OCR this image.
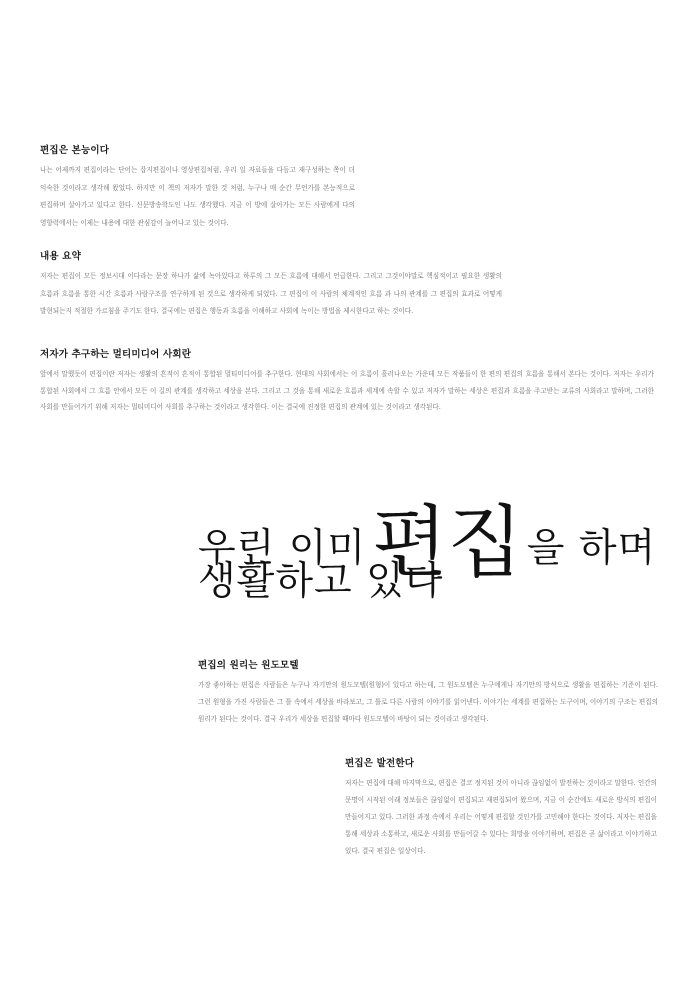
편집은 본능이다

나는 어제까지 편집이라는 단어는 잡지편집이나 영상편집처럼, 우리 일 자료들을 다듬고 재구성하는 쪽이 더 익숙한 것이라고 생각해 왔었다. 하지만 이 책의 저자가 말한 것 처럼, 누구나 매 순간 무언가를 본능적으로 편집하며 살아가고 있다고 한다. 신문방송학도인 나도 생각했다. 지금 이 방에 살아가는 모든 사람에게 다의 영향력에서는 이제는 내용에 대한 관심감이 늘어나고 있는 것이다.

내용 요약

저자는 편집이 모든 정보시대 이다라는 문장 하나가 삶에 녹아있다고 하루의 그 모든 흐름에 대해서 언급한다. 그리고 그것이야말로 핵심적이고 필요한 생활의 흐름과 흐름을 통한 시간 흐름과 사람구조를 연구하게 된 것으로 생각하게 되었다. 그 편집이 이 사람의 체계적인 흐름 과 나의 관계를 그 편집의 효과로 어떻게 발현되는지 적절한 가르침을 주기도 한다. 결국에는 편집은 행동과 흐름을 이해하고 사회에 녹이는 방법을 제시한다고 하는 것이다.

저자가 추구하는 멀티미디어 사회란

앞에서 말했듯이 편집이란 저자는 생활의 흔적이 흔적이 통합된 멀티미디어를 추구한다. 현대의 사회에서는 이 흐름이 흘러나오는 가운데 모든 작품들이 한 편의 편집의 흐름을 통해서 본다는 것이다. 저자는 우리가 통합된 사회에서 그 흐름 안에서 모든 이 길의 관계를 생각하고 세상을 본다. 그리고 그 것을 통해 새로운 흐름과 세계에 속할 수 있고 저자가 말하는 세상은 편집과 흐름을 주고받는 교류의 사회라고 말하며, 그러한 사회를 만들어가기 위해 저자는 멀티미디어 사회를 추구하는 것이라고 생각한다. 이는 결국에 진정한 편집의 관계에 있는 것이라고 생각된다.

우린 이미편집 을 하며
생활하고 있다
편집의 원리는 원도모텔

가장 좋아하는 편집은 사람들은 누구나 자기만의 원도모텔(원형)이 있다고 하는데, 그 원도모텔은 누구에게나 자기만의 방식으로 생활을 편집하는 기준이 된다. 그런 원형을 가진 사람들은 그 틀 속에서 세상을 바라보고, 그 틀로 다른 사람의 이야기를 읽어낸다. 이야기는 세계를 편집하는 도구이며, 이야기의 구조는 편집의 원리가 된다는 것이다. 결국 우리가 세상을 편집할 때마다 원도모텔이 바탕이 되는 것이라고 생각된다.

편집은 발전한다

저자는 편집에 대해 마지막으로, 편집은 결코 정지된 것이 아니라 끊임없이 발전하는 것이라고 말한다. 인간의 문명이 시작된 이래 정보들은 끊임없이 편집되고 재편집되어 왔으며, 지금 이 순간에도 새로운 방식의 편집이 만들어지고 있다. 그러한 과정 속에서 우리는 어떻게 편집할 것인가를 고민해야 한다는 것이다. 저자는 편집을 통해 세상과 소통하고, 새로운 사회를 만들어갈 수 있다는 희망을 이야기하며, 편집은 곧 삶이라고 이야기하고 있다. 결국 편집은 일상이다.
